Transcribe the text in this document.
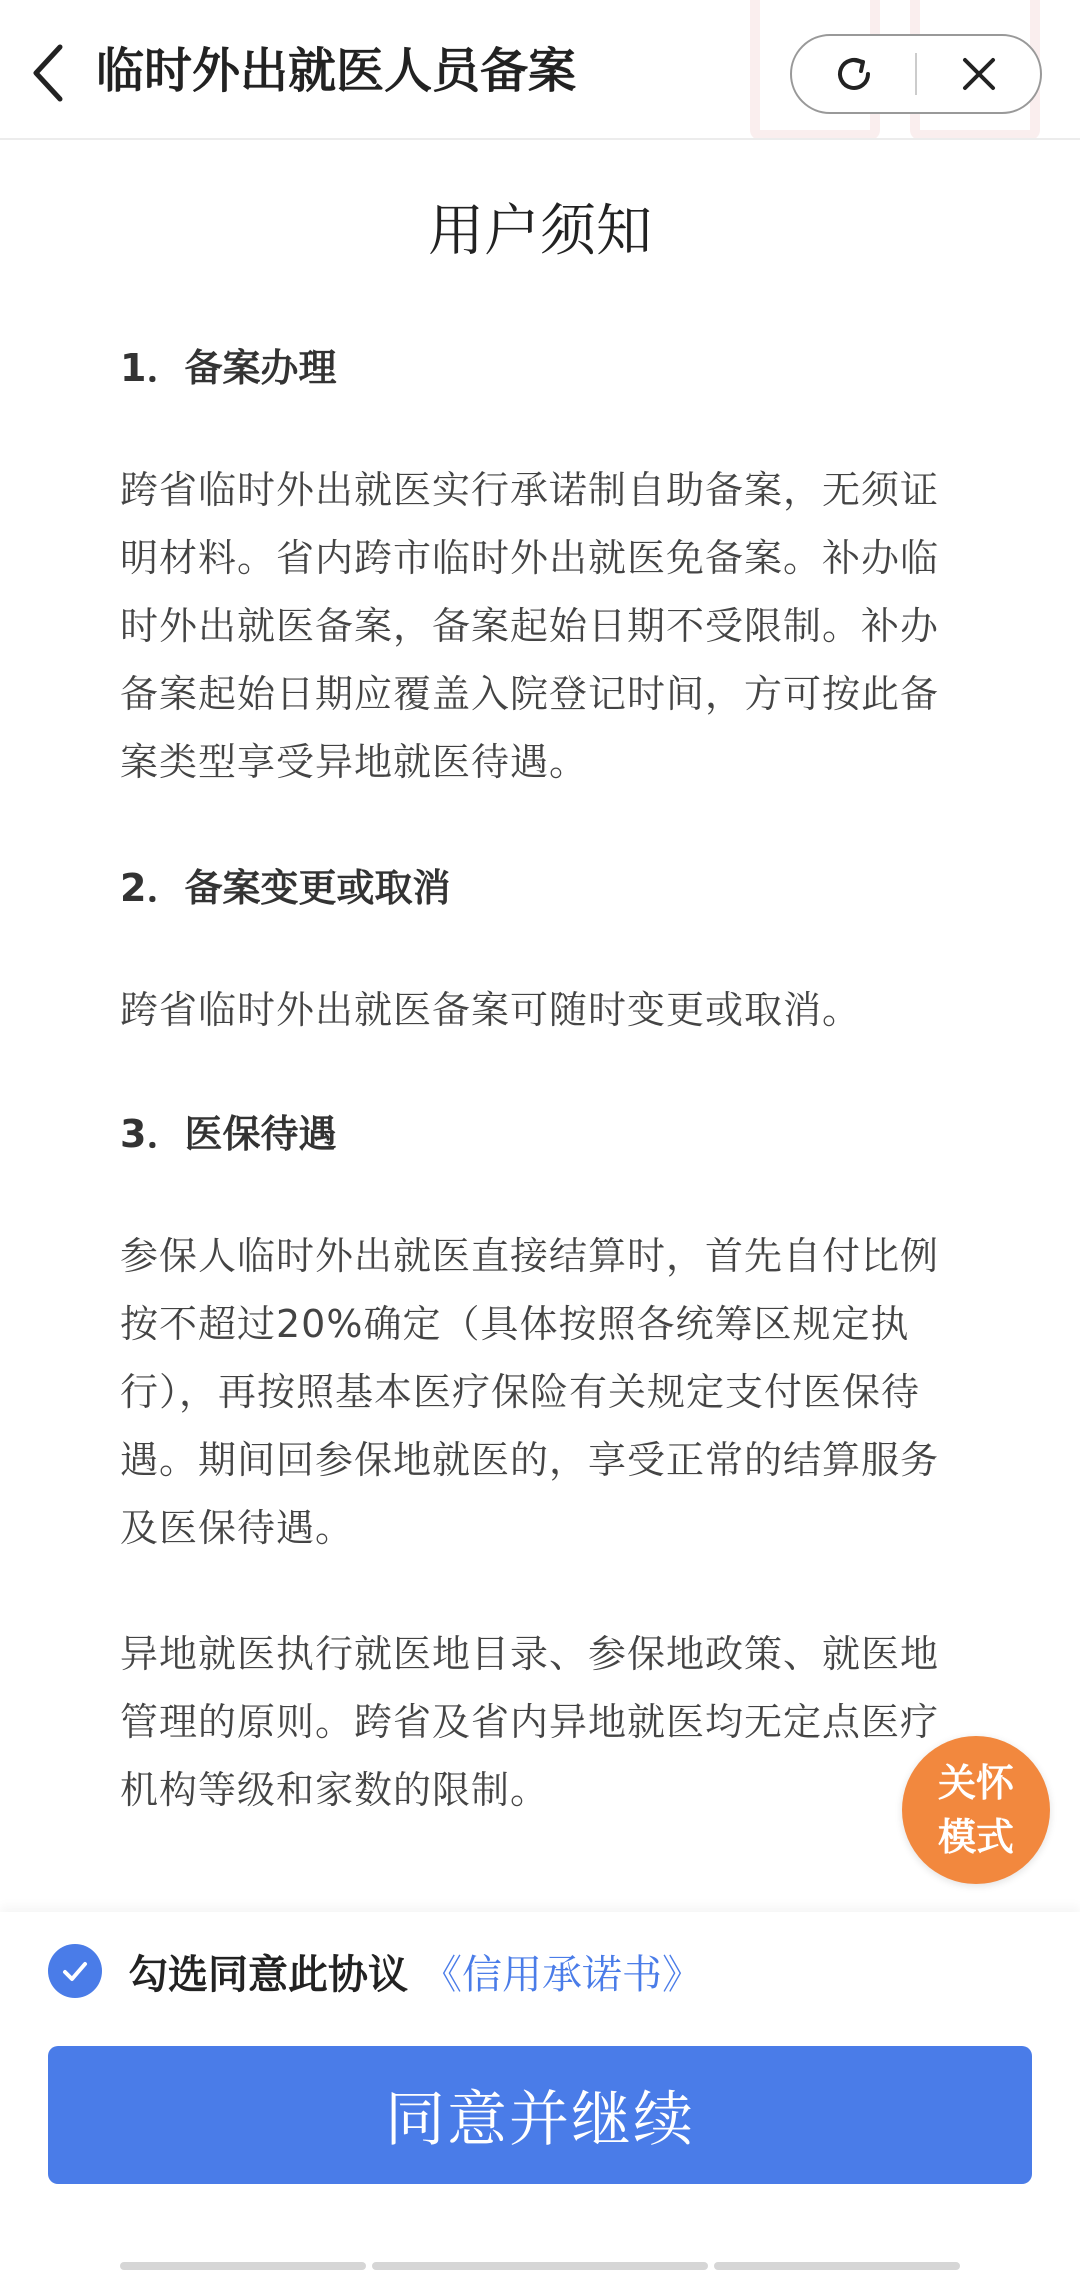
临时外出就医人员备案
用户须知
1．备案办理

跨省临时外出就医实行承诺制自助备案，无须证明材料。省内跨市临时外出就医免备案。补办临时外出就医备案，备案起始日期不受限制。补办备案起始日期应覆盖入院登记时间，方可按此备案类型享受异地就医待遇。

2．备案变更或取消

跨省临时外出就医备案可随时变更或取消。

3．医保待遇

参保人临时外出就医直接结算时，首先自付比例按不超过20%确定（具体按照各统筹区规定执行），再按照基本医疗保险有关规定支付医保待遇。期间回参保地就医的，享受正常的结算服务及医保待遇。

异地就医执行就医地目录、参保地政策、就医地管理的原则。跨省及省内异地就医均无定点医疗机构等级和家数的限制。	关怀
模式
勾选同意此协议 《信用承诺书》
同意并继续
